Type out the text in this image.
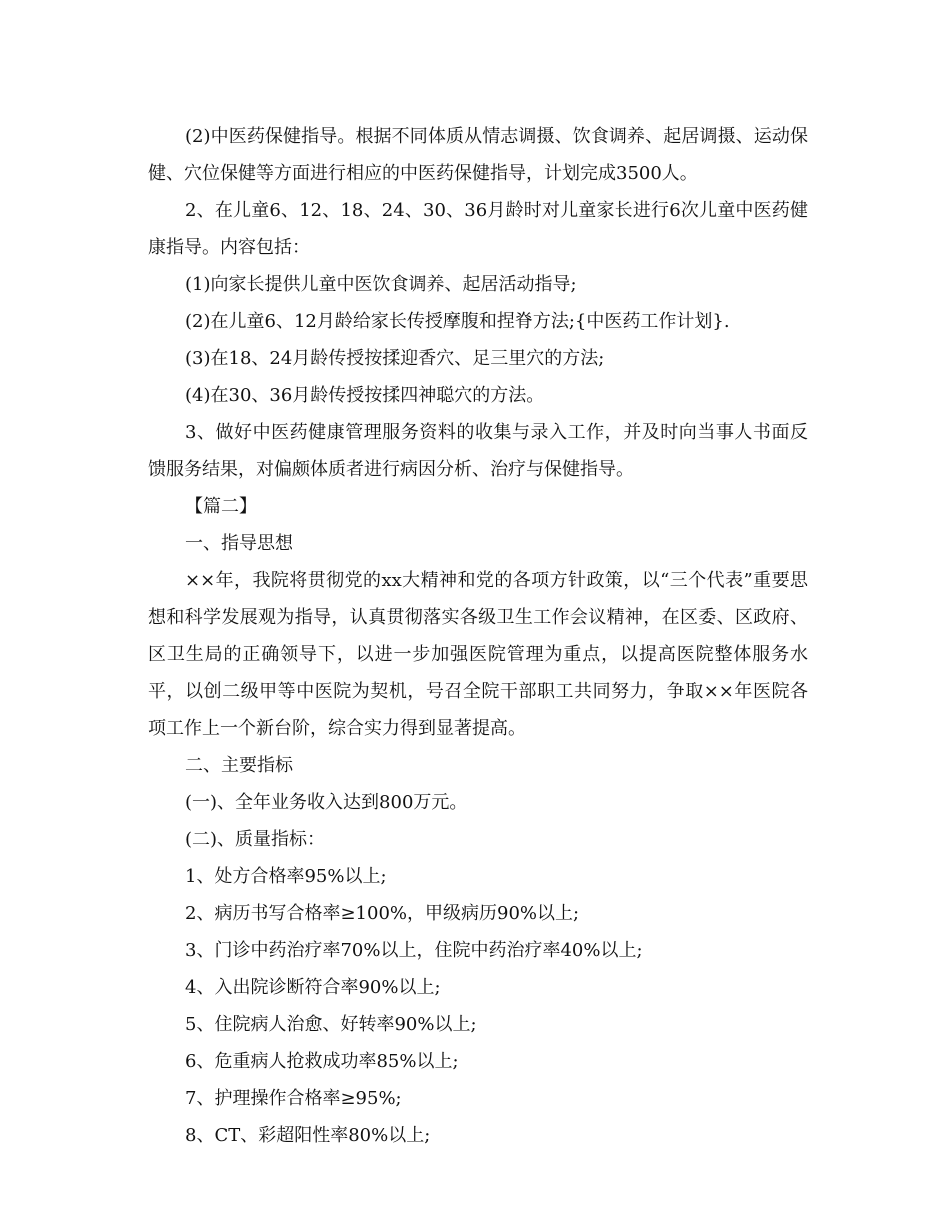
(2)中医药保健指导。根据不同体质从情志调摄、饮食调养、起居调摄、运动保健、穴位保健等方面进行相应的中医药保健指导，计划完成3500人。

2、在儿童6、12、18、24、30、36月龄时对儿童家长进行6次儿童中医药健康指导。内容包括：

(1)向家长提供儿童中医饮食调养、起居活动指导;

(2)在儿童6、12月龄给家长传授摩腹和捏脊方法;{中医药工作计划}.

(3)在18、24月龄传授按揉迎香穴、足三里穴的方法;

(4)在30、36月龄传授按揉四神聪穴的方法。

3、做好中医药健康管理服务资料的收集与录入工作，并及时向当事人书面反馈服务结果，对偏颇体质者进行病因分析、治疗与保健指导。

【篇二】

一、指导思想

××年，我院将贯彻党的xx大精神和党的各项方针政策，以“三个代表”重要思想和科学发展观为指导，认真贯彻落实各级卫生工作会议精神，在区委、区政府、区卫生局的正确领导下，以进一步加强医院管理为重点，以提高医院整体服务水平，以创二级甲等中医院为契机，号召全院干部职工共同努力，争取××年医院各项工作上一个新台阶，综合实力得到显著提高。

二、主要指标

(一)、全年业务收入达到800万元。

(二)、质量指标：

1、处方合格率95%以上;

2、病历书写合格率≥100%，甲级病历90%以上;

3、门诊中药治疗率70%以上，住院中药治疗率40%以上;

4、入出院诊断符合率90%以上;

5、住院病人治愈、好转率90%以上;

6、危重病人抢救成功率85%以上;

7、护理操作合格率≥95%;

8、CT、彩超阳性率80%以上;
